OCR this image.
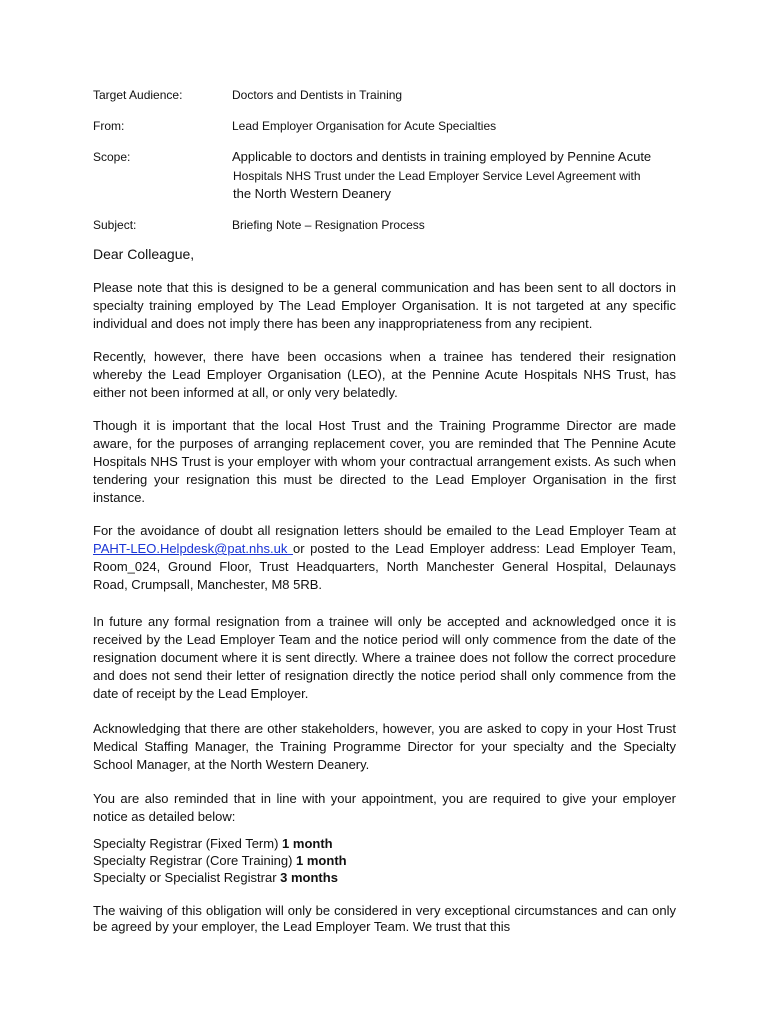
Target Audience:	Doctors and Dentists in Training
From:	Lead Employer Organisation for Acute Specialties
Scope:	Applicable to doctors and dentists in training employed by Pennine Acute
Hospitals NHS Trust under the Lead Employer Service Level Agreement with
the North Western Deanery
Subject:	Briefing Note – Resignation Process
Dear Colleague,

Please note that this is designed to be a general communication and has been sent to all doctors in specialty training employed by The Lead Employer Organisation. It is not targeted at any specific individual and does not imply there has been any inappropriateness from any recipient.

Recently, however, there have been occasions when a trainee has tendered their resignation whereby the Lead Employer Organisation (LEO), at the Pennine Acute Hospitals NHS Trust, has either not been informed at all, or only very belatedly.

Though it is important that the local Host Trust and the Training Programme Director are made aware, for the purposes of arranging replacement cover, you are reminded that The Pennine Acute Hospitals NHS Trust is your employer with whom your contractual arrangement exists. As such when tendering your resignation this must be directed to the Lead Employer Organisation in the first instance.

For the avoidance of doubt all resignation letters should be emailed to the Lead Employer Team at PAHT-LEO.Helpdesk@pat.nhs.uk or posted to the Lead Employer address: Lead Employer Team, Room_024, Ground Floor, Trust Headquarters, North Manchester General Hospital, Delaunays Road, Crumpsall, Manchester, M8 5RB.

In future any formal resignation from a trainee will only be accepted and acknowledged once it is received by the Lead Employer Team and the notice period will only commence from the date of the resignation document where it is sent directly. Where a trainee does not follow the correct procedure and does not send their letter of resignation directly the notice period shall only commence from the date of receipt by the Lead Employer.

Acknowledging that there are other stakeholders, however, you are asked to copy in your Host Trust Medical Staffing Manager, the Training Programme Director for your specialty and the Specialty School Manager, at the North Western Deanery.

You are also reminded that in line with your appointment, you are required to give your employer notice as detailed below:

Specialty Registrar (Fixed Term) 1 month
Specialty Registrar (Core Training) 1 month
Specialty or Specialist Registrar 3 months

The waiving of this obligation will only be considered in very exceptional circumstances and can only be agreed by your employer, the Lead Employer Team. We trust that this
